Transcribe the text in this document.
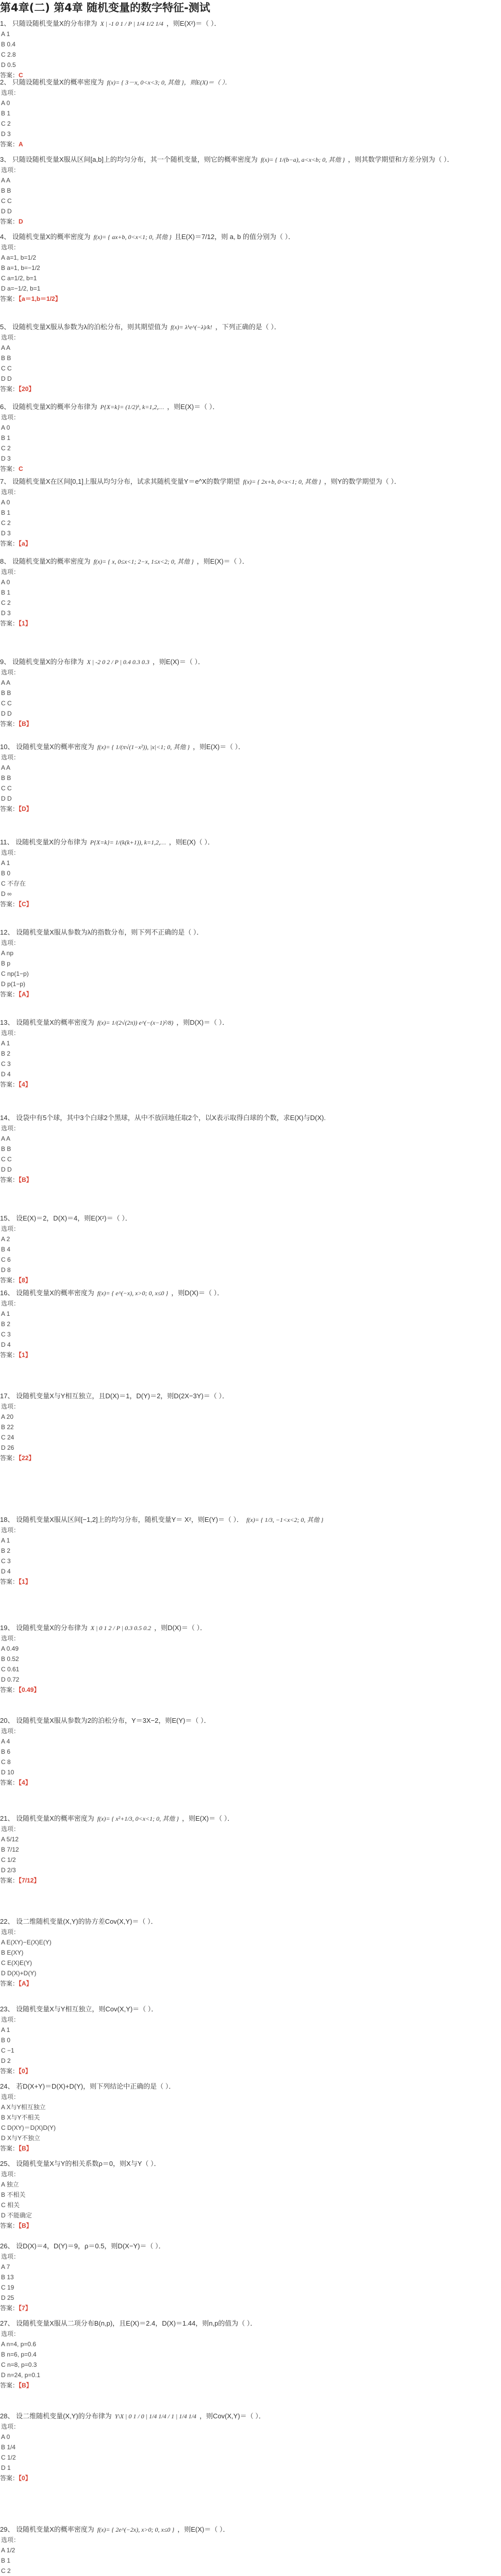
第4章(二) 第4章 随机变量的数字特征-测试
1、 只随设随机变量X的分布律为 X | -1 0 1 / P | 1/4 1/2 1/4 ，则E(X²)＝（ ）．
A 1
B 0.4
C 2.8
D 0.5
答案：C
2、 只随设随机变量X的概率密度为 f(x)= { 3－x, 0<x<3; 0, 其他 }，则E(X)＝（ ）．
选项：
A 0
B 1
C 2
D 3
答案：A
3、 只随设随机变量X服从区间[a,b]上的均匀分布，其一个随机变量，则它的概率密度为 f(x)= { 1/(b−a), a<x<b; 0, 其他 } ，则其数学期望和方差分别为（ ）．
选项：
A A
B B
C C
D D
答案：D
4、 设随机变量X的概率密度为 f(x)= { ax+b, 0<x<1; 0, 其他 } 且E(X)＝7/12，则 a, b 的值分别为（ ）．
选项：
A a=1, b=1/2
B a=1, b=−1/2
C a=1/2, b=1
D a=−1/2, b=1
答案：【a＝1,b＝1/2】
5、 设随机变量X服从参数为λ的泊松分布，则其期望值为 f(x)= λᵏe^(−λ)/k! ，下列正确的是（ ）．
选项：
A A
B B
C C
D D
答案：【20】
6、 设随机变量X的概率分布律为 P{X=k}= (1/2)ᵏ, k=1,2,… ，则E(X)＝（ ）．
选项：
A 0
B 1
C 2
D 3
答案：C
7、 设随机变量X在区间[0,1]上服从均匀分布，试求其随机变量Y＝e^X的数学期望 f(x)= { 2x+b, 0<x<1; 0, 其他 } ，则Y的数学期望为（ ）．
选项：
A 0
B 1
C 2
D 3
答案：【a】
8、 设随机变量X的概率密度为 f(x)= { x, 0≤x<1; 2−x, 1≤x<2; 0, 其他 } ，则E(X)＝（ ）．
选项：
A 0
B 1
C 2
D 3
答案：【1】
9、 设随机变量X的分布律为 X | -2 0 2 / P | 0.4 0.3 0.3 ，则E(X)＝（ ）．
选项：
A A
B B
C C
D D
答案：【B】
10、 设随机变量X的概率密度为 f(x)= { 1/(π√(1−x²)), |x|<1; 0, 其他 } ，则E(X)＝（ ）．
选项：
A A
B B
C C
D D
答案：【D】
11、 设随机变量X的分布律为 P{X=k}= 1/(k(k+1)), k=1,2,… ，则E(X)（ ）．
选项：
A 1
B 0
C 不存在
D ∞
答案：【C】
12、 设随机变量X服从参数为λ的指数分布，则下列不正确的是（ ）．
选项：
A np
B p
C np(1−p)
D p(1−p)
答案：【A】
13、 设随机变量X的概率密度为 f(x)= 1/(2√(2π)) e^(−(x−1)²/8) ，则D(X)＝（ ）．
选项：
A 1
B 2
C 3
D 4
答案：【4】
14、 设袋中有5个球，其中3个白球2个黑球，从中不放回地任取2个，以X表示取得白球的个数，求E(X)与D(X).
选项：
A A
B B
C C
D D
答案：【B】
15、 设E(X)＝2，D(X)＝4，则E(X²)＝（ ）．
选项：
A 2
B 4
C 6
D 8
答案：【8】
16、 设随机变量X的概率密度为 f(x)= { e^(−x), x>0; 0, x≤0 } ，则D(X)＝（ ）．
选项：
A 1
B 2
C 3
D 4
答案：【1】
17、 设随机变量X与Y相互独立，且D(X)＝1，D(Y)＝2，则D(2X−3Y)＝（ ）．
选项：
A 20
B 22
C 24
D 26
答案：【22】
18、 设随机变量X服从区间[−1,2]上的均匀分布，随机变量Y＝ X²，则E(Y)＝（ ）． f(x)= { 1/3, −1<x<2; 0, 其他 }
选项：
A 1
B 2
C 3
D 4
答案：【1】
19、 设随机变量X的分布律为 X | 0 1 2 / P | 0.3 0.5 0.2 ，则D(X)＝（ ）．
选项：
A 0.49
B 0.52
C 0.61
D 0.72
答案：【0.49】
20、 设随机变量X服从参数为2的泊松分布，Y＝3X−2，则E(Y)＝（ ）．
选项：
A 4
B 6
C 8
D 10
答案：【4】
21、 设随机变量X的概率密度为 f(x)= { x²+1/3, 0<x<1; 0, 其他 } ，则E(X)＝（ ）．
选项：
A 5/12
B 7/12
C 1/2
D 2/3
答案：【7/12】
22、 设二维随机变量(X,Y)的协方差Cov(X,Y)＝（ ）．
选项：
A E(XY)−E(X)E(Y)
B E(XY)
C E(X)E(Y)
D D(X)+D(Y)
答案：【A】
23、 设随机变量X与Y相互独立，则Cov(X,Y)＝（ ）．
选项：
A 1
B 0
C −1
D 2
答案：【0】
24、 若D(X+Y)＝D(X)+D(Y)，则下列结论中正确的是（ ）．
选项：
A X与Y相互独立
B X与Y不相关
C D(XY)＝D(X)D(Y)
D X与Y不独立
答案：【B】
25、 设随机变量X与Y的相关系数ρ＝0，则X与Y（ ）．
选项：
A 独立
B 不相关
C 相关
D 不能确定
答案：【B】
26、 设D(X)＝4，D(Y)＝9，ρ＝0.5，则D(X−Y)＝（ ）．
选项：
A 7
B 13
C 19
D 25
答案：【7】
27、 设随机变量X服从二项分布B(n,p)，且E(X)＝2.4，D(X)＝1.44，则n,p的值为（ ）．
选项：
A n=4, p=0.6
B n=6, p=0.4
C n=8, p=0.3
D n=24, p=0.1
答案：【B】
28、 设二维随机变量(X,Y)的分布律为 Y\X | 0 1 / 0 | 1/4 1/4 / 1 | 1/4 1/4 ，则Cov(X,Y)＝（ ）．
选项：
A 0
B 1/4
C 1/2
D 1
答案：【0】
29、 设随机变量X的概率密度为 f(x)= { 2e^(−2x), x>0; 0, x≤0 } ，则E(X)＝（ ）．
选项：
A 1/2
B 1
C 2
